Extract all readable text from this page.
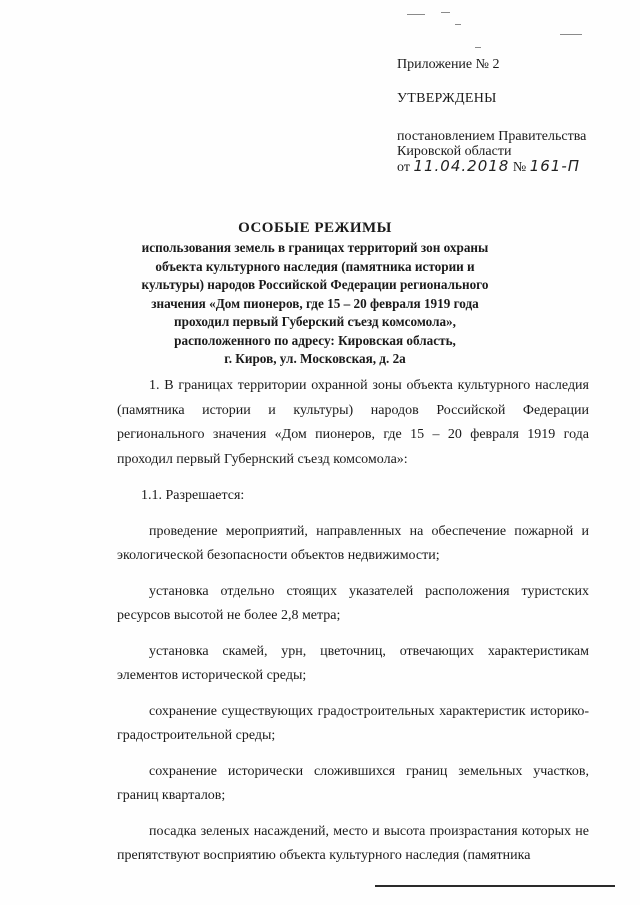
Приложение № 2
УТВЕРЖДЕНЫ
постановлением Правительства
Кировской области
от
11.04.2018
№
161-П
ОСОБЫЕ РЕЖИМЫ
использования земель в границах территорий зон охраны
объекта культурного наследия (памятника истории и
культуры) народов Российской Федерации регионального
значения «Дом пионеров, где 15 – 20 февраля 1919 года
проходил первый Губерский съезд комсомола»,
расположенного по адресу: Кировская область,
г. Киров, ул. Московская, д. 2а

1. В границах территории охранной зоны объекта культурного наследия (памятника истории и культуры) народов Российской Федерации регионального значения «Дом пионеров, где 15 – 20 февраля 1919 года проходил первый Губернский съезд комсомола»:

1.1. Разрешается:

проведение мероприятий, направленных на обеспечение пожарной и экологической безопасности объектов недвижимости;
установка отдельно стоящих указателей расположения туристских ресурсов высотой не более 2,8 метра;
установка скамей, урн, цветочниц, отвечающих характеристикам элементов исторической среды;
сохранение существующих градостроительных характеристик историко-градостроительной среды;
сохранение исторически сложившихся границ земельных участков, границ кварталов;
посадка зеленых насаждений, место и высота произрастания которых не препятствуют восприятию объекта культурного наследия (памятника
